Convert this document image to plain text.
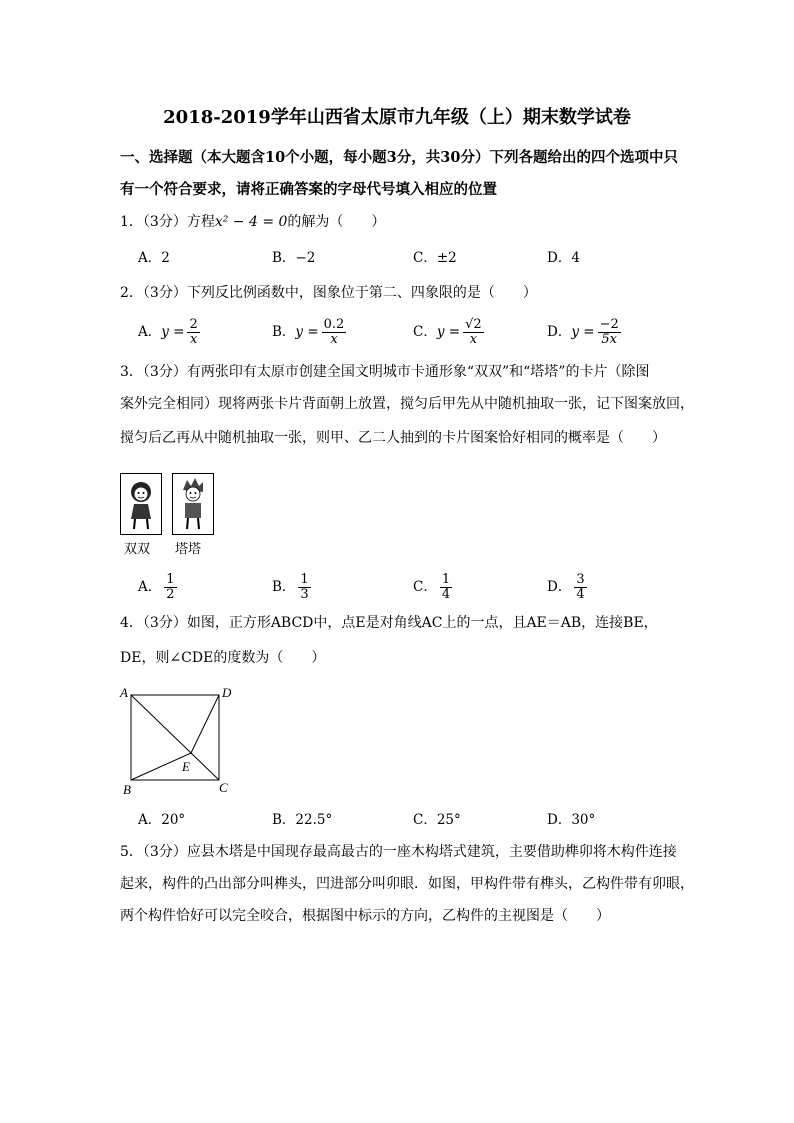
2018-2019学年山西省太原市九年级（上）期末数学试卷
一、选择题（本大题含10个小题，每小题3分，共30分）下列各题给出的四个选项中只
有一个符合要求，请将正确答案的字母代号填入相应的位置
1．（3分）方程x² − 4 = 0的解为（　　）
A．2	B．−2	C．±2	D．4
2．（3分）下列反比例函数中，图象位于第二、四象限的是（　　）
A．$y = \frac{2}{x}$	B．$y = \frac{0.2}{x}$	C．$y = \frac{√2}{x}$	D．$y = \frac{-2}{5x}$
3．（3分）有两张印有太原市创建全国文明城市卡通形象“双双”和“塔塔”的卡片（除图
案外完全相同）现将两张卡片背面朝上放置，搅匀后甲先从中随机抽取一张，记下图案放回，
搅匀后乙再从中随机抽取一张，则甲、乙二人抽到的卡片图案恰好相同的概率是（　　）
双双 塔塔
A． $\frac{1}{2}$	B． $\frac{1}{3}$	C． $\frac{1}{4}$	D． $\frac{3}{4}$
4．（3分）如图，正方形ABCD中，点E是对角线AC上的一点，且AE＝AB，连接BE，
DE，则∠CDE的度数为（　　）
A	D
B	C
E
A．20°	B．22.5°	C．25°	D．30°
5．（3分）应县木塔是中国现存最高最古的一座木构塔式建筑，主要借助榫卯将木构件连接
起来，构件的凸出部分叫榫头，凹进部分叫卯眼．如图，甲构件带有榫头，乙构件带有卯眼，
两个构件恰好可以完全咬合，根据图中标示的方向，乙构件的主视图是（　　）
